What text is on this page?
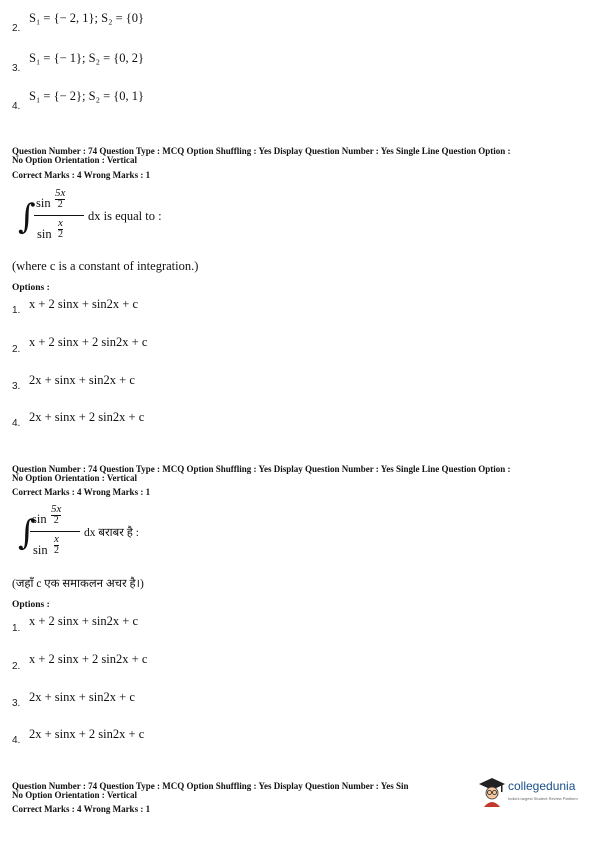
2.
S₁ = {− 2, 1}; S₂ = {0}
3.
S₁ = {− 1}; S₂ = {0, 2}
4.
S₁ = {− 2}; S₂ = {0, 1}
Question Number : 74 Question Type : MCQ Option Shuffling : Yes Display Question Number : Yes Single Line Question Option :
No Option Orientation : Vertical
Correct Marks : 4 Wrong Marks : 1
∫ sin
5x
2
sin
x
2
dx is equal to :
(where c is a constant of integration.)
Options :
1. x + 2 sinx + sin2x + c
2.
x + 2 sinx + 2 sin2x + c
3. 2x + sinx + sin2x + c
4. 2x + sinx + 2 sin2x + c
Question Number : 74 Question Type : MCQ Option Shuffling : Yes Display Question Number : Yes Single Line Question Option :
No Option Orientation : Vertical
Correct Marks : 4 Wrong Marks : 1
∫
sin
5x
2
sin
x
2
dx बराबर है :
(जहाँ c एक समाकलन अचर है।)
Options :
1.
x + 2 sinx + sin2x + c
2.
x + 2 sinx + 2 sin2x + c
3. 2x + sinx + sin2x + c
4. 2x + sinx + 2 sin2x + c
Question Number : 74 Question Type : MCQ Option Shuffling : Yes Display Question Number : Yes Sin
No Option Orientation : Vertical
Correct Marks : 4 Wrong Marks : 1
collegedunia
India's largest Student Review Platform
